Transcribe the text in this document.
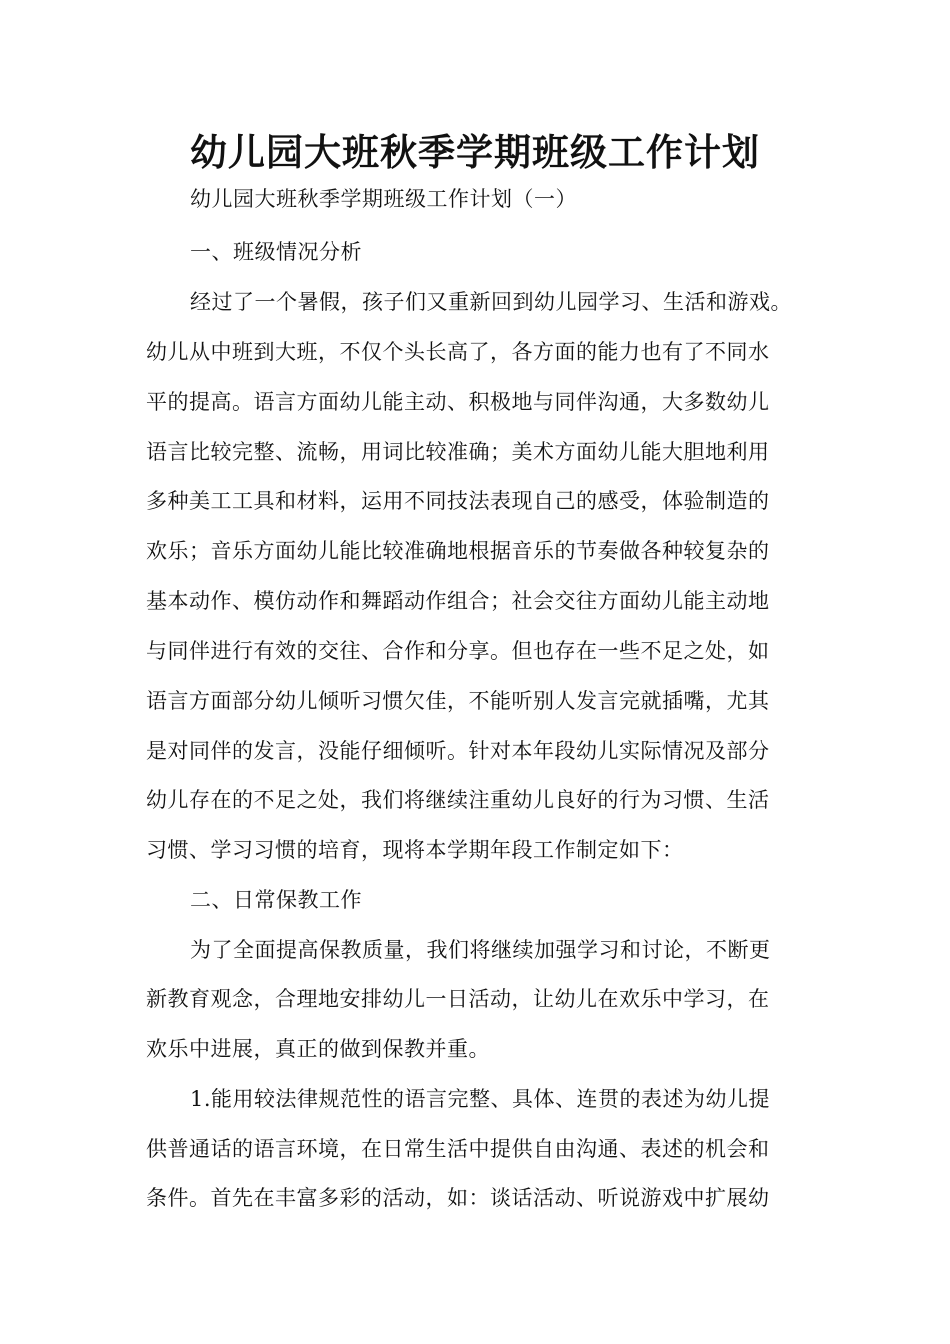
幼儿园大班秋季学期班级工作计划

幼儿园大班秋季学期班级工作计划（一）

一、班级情况分析

经过了一个暑假，孩子们又重新回到幼儿园学习、生活和游戏。

幼儿从中班到大班，不仅个头长高了，各方面的能力也有了不同水

平的提高。语言方面幼儿能主动、积极地与同伴沟通，大多数幼儿

语言比较完整、流畅，用词比较准确；美术方面幼儿能大胆地利用

多种美工工具和材料，运用不同技法表现自己的感受，体验制造的

欢乐；音乐方面幼儿能比较准确地根据音乐的节奏做各种较复杂的

基本动作、模仿动作和舞蹈动作组合；社会交往方面幼儿能主动地

与同伴进行有效的交往、合作和分享。但也存在一些不足之处，如

语言方面部分幼儿倾听习惯欠佳，不能听别人发言完就插嘴，尤其

是对同伴的发言，没能仔细倾听。针对本年段幼儿实际情况及部分

幼儿存在的不足之处，我们将继续注重幼儿良好的行为习惯、生活

习惯、学习习惯的培育，现将本学期年段工作制定如下：

二、日常保教工作

为了全面提高保教质量，我们将继续加强学习和讨论，不断更

新教育观念，合理地安排幼儿一日活动，让幼儿在欢乐中学习，在

欢乐中进展，真正的做到保教并重。

1.能用较法律规范性的语言完整、具体、连贯的表述为幼儿提

供普通话的语言环境，在日常生活中提供自由沟通、表述的机会和

条件。首先在丰富多彩的活动，如：谈话活动、听说游戏中扩展幼
